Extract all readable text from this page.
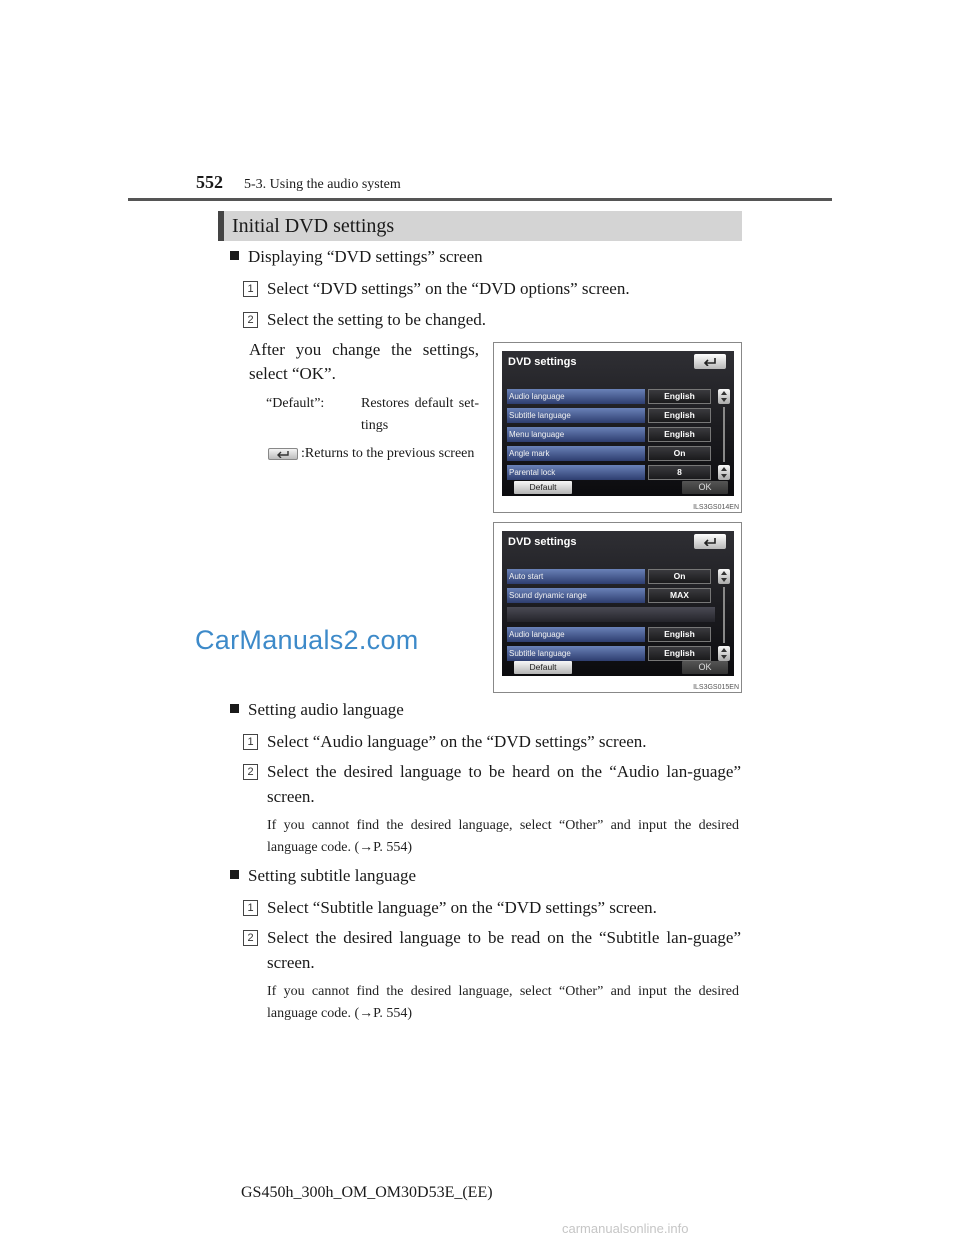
552 5-3. Using the audio system
Initial DVD settings
Displaying “DVD settings” screen
1 Select “DVD settings” on the “DVD options” screen.
2 Select the setting to be changed.
After you change the settings, select “OK”.
“Default”:	Restores default set-tings
:Returns to the previous screen
DVD settings
Audio language	English
Subtitle language	English
Menu language	English
Angle mark	On
Parental lock	8
Default	OK
ILS3GS014EN
DVD settings
Auto start	On
Sound dynamic range	MAX
Audio language	English
Subtitle language	English
Default	OK
ILS3GS015EN
CarManuals2.com
Setting audio language
1 Select “Audio language” on the “DVD settings” screen.
2 Select the desired language to be heard on the “Audio lan-guage” screen.
If you cannot find the desired language, select “Other” and input the desired language code. (→P. 554)
Setting subtitle language
1 Select “Subtitle language” on the “DVD settings” screen.
2 Select the desired language to be read on the “Subtitle lan-guage” screen.
If you cannot find the desired language, select “Other” and input the desired language code. (→P. 554)
GS450h_300h_OM_OM30D53E_(EE)
carmanualsonline.info
